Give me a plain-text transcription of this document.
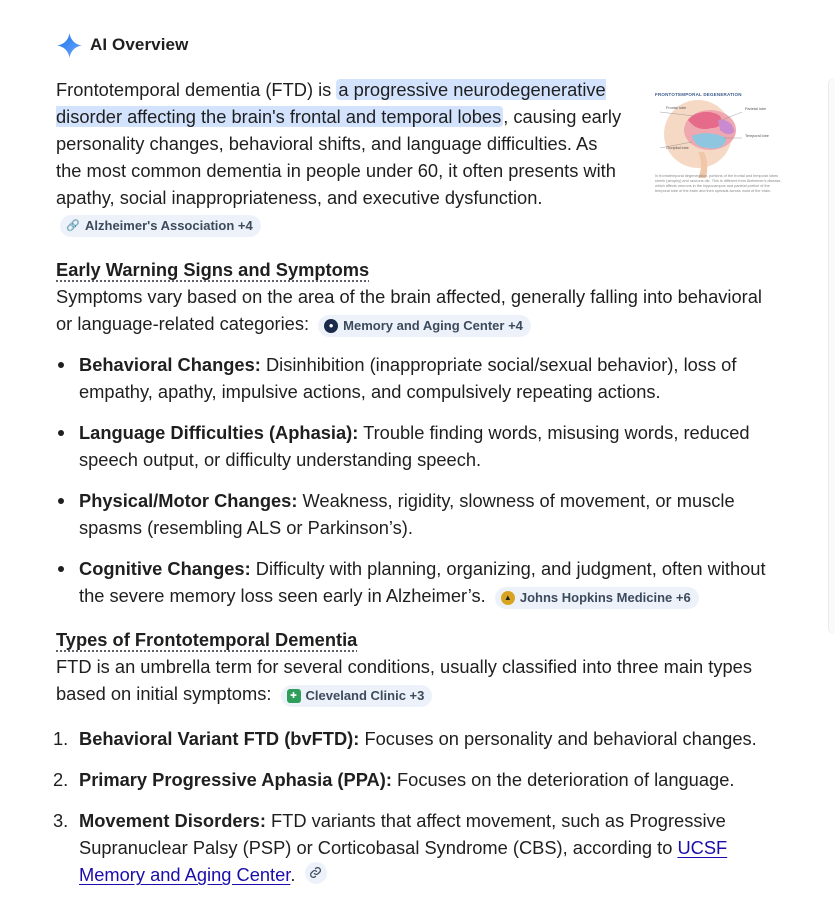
AI Overview
FRONTOTEMPORAL DEGENERATION
Frontal lobe	Parietal lobe
Temporal lobe
Occipital lobe
In frontotemporal degeneration, portions of the frontal and temporal lobes shrink (atrophy) and neurons die. This is different from Alzheimer's disease, which affects neurons in the hippocampus and parietal portion of the temporal lobe of the brain and then spreads across most of the brain.

Frontotemporal dementia (FTD) is a progressive neurodegenerative disorder affecting the brain's frontal and temporal lobes , causing early personality changes, behavioral shifts, and language difficulties. As the most common dementia in people under 60, it often presents with apathy, social inappropriateness, and executive dysfunction.
🔗 Alzheimer's Association +4

Early Warning Signs and Symptoms
Symptoms vary based on the area of the brain affected, generally falling into behavioral or language-related categories:	● Memory and Aging Center +4

Behavioral Changes: Disinhibition (inappropriate social/sexual behavior), loss of empathy, apathy, impulsive actions, and compulsively repeating actions.
Language Difficulties (Aphasia): Trouble finding words, misusing words, reduced speech output, or difficulty understanding speech.
Physical/Motor Changes: Weakness, rigidity, slowness of movement, or muscle spasms (resembling ALS or Parkinson’s).
Cognitive Changes: Difficulty with planning, organizing, and judgment, often without the severe memory loss seen early in Alzheimer’s.	▲ Johns Hopkins Medicine +6

Types of Frontotemporal Dementia
FTD is an umbrella term for several conditions, usually classified into three main types based on initial symptoms:	✚ Cleveland Clinic +3

1. Behavioral Variant FTD (bvFTD): Focuses on personality and behavioral changes.
2. Primary Progressive Aphasia (PPA): Focuses on the deterioration of language.
3. Movement Disorders: FTD variants that affect movement, such as Progressive Supranuclear Palsy (PSP) or Corticobasal Syndrome (CBS), according to UCSF Memory and Aging Center.
